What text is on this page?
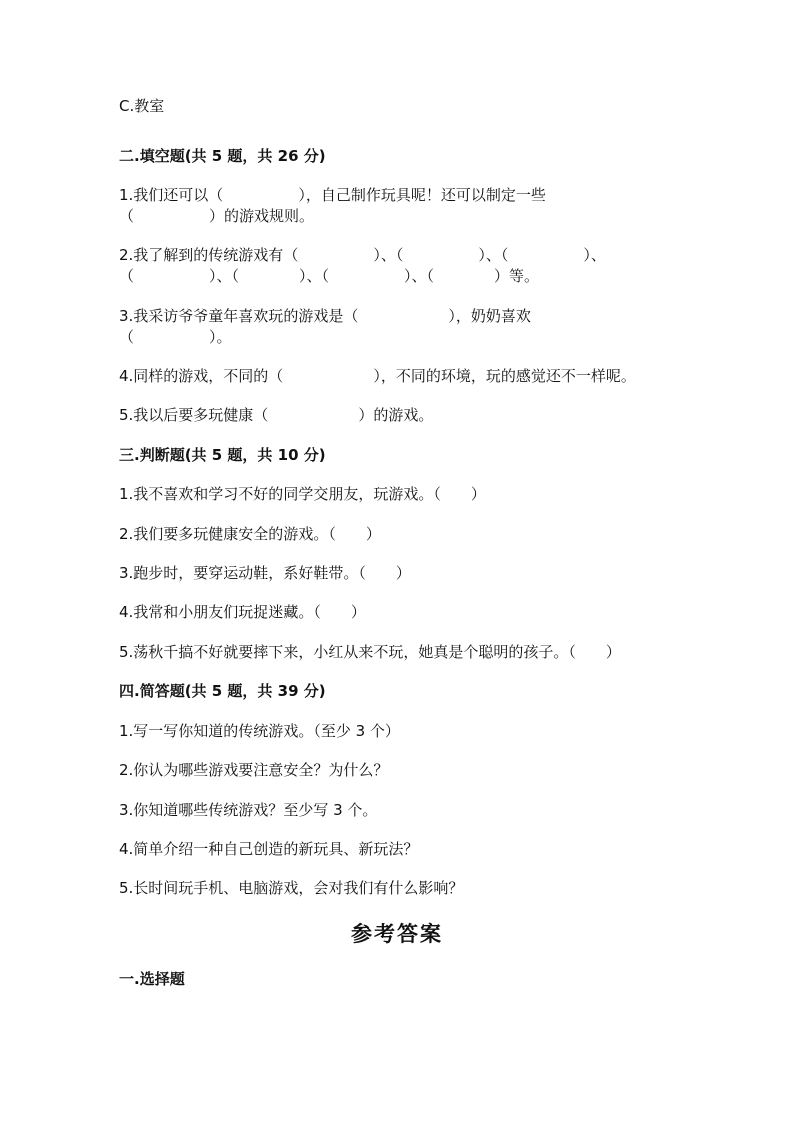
C.教室
二.填空题(共 5 题，共 26 分)
1.我们还可以（　　　　　），自己制作玩具呢！还可以制定一些
（　　　　　）的游戏规则。
2.我了解到的传统游戏有（　　　　　）、（　　　　　）、（　　　　　）、
（　　　　　）、（　　　　）、（　　　　　）、（　　　　）等。
3.我采访爷爷童年喜欢玩的游戏是（　　　　　　），奶奶喜欢
（　　　　　）。
4.同样的游戏，不同的（　　　　　　），不同的环境，玩的感觉还不一样呢。
5.我以后要多玩健康（　　　　　　）的游戏。
三.判断题(共 5 题，共 10 分)
1.我不喜欢和学习不好的同学交朋友，玩游戏。（　　）
2.我们要多玩健康安全的游戏。（　　）
3.跑步时，要穿运动鞋，系好鞋带。（　　）
4.我常和小朋友们玩捉迷藏。（　　）
5.荡秋千搞不好就要摔下来，小红从来不玩，她真是个聪明的孩子。（　　）
四.简答题(共 5 题，共 39 分)
1.写一写你知道的传统游戏。（至少 3 个）
2.你认为哪些游戏要注意安全？为什么？
3.你知道哪些传统游戏？至少写 3 个。
4.简单介绍一种自己创造的新玩具、新玩法？
5.长时间玩手机、电脑游戏，会对我们有什么影响？
参考答案
一.选择题
